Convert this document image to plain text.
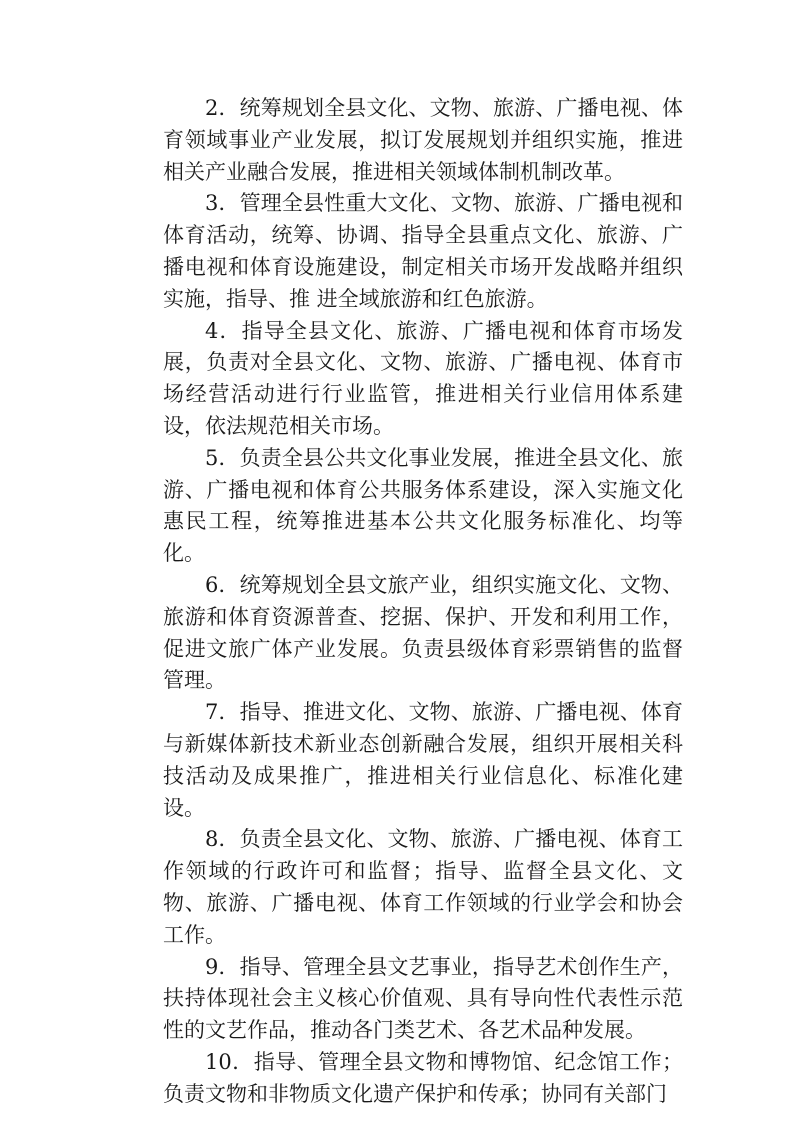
2．统筹规划全县文化、文物、旅游、广播电视、体育领域事业产业发展，拟订发展规划并组织实施，推进相关产业融合发展，推进相关领域体制机制改革。

3．管理全县性重大文化、文物、旅游、广播电视和体育活动，统筹、协调、指导全县重点文化、旅游、广播电视和体育设施建设，制定相关市场开发战略并组织实施，指导、推 进全域旅游和红色旅游。

4．指导全县文化、旅游、广播电视和体育市场发展，负责对全县文化、文物、旅游、广播电视、体育市场经营活动进行行业监管，推进相关行业信用体系建设，依法规范相关市场。

5．负责全县公共文化事业发展，推进全县文化、旅游、广播电视和体育公共服务体系建设，深入实施文化惠民工程，统筹推进基本公共文化服务标准化、均等化。

6．统筹规划全县文旅产业，组织实施文化、文物、旅游和体育资源普查、挖据、保护、开发和利用工作，促进文旅广体产业发展。负责县级体育彩票销售的监督管理。

7．指导、推进文化、文物、旅游、广播电视、体育与新媒体新技术新业态创新融合发展，组织开展相关科技活动及成果推广，推进相关行业信息化、标准化建设。

8．负责全县文化、文物、旅游、广播电视、体育工作领域的行政许可和监督；指导、监督全县文化、文物、旅游、广播电视、体育工作领域的行业学会和协会工作。

9．指导、管理全县文艺事业，指导艺术创作生产，扶持体现社会主义核心价值观、具有导向性代表性示范性的文艺作品，推动各门类艺术、各艺术品种发展。

10．指导、管理全县文物和博物馆、纪念馆工作；负责文物和非物质文化遗产保护和传承；协同有关部门
